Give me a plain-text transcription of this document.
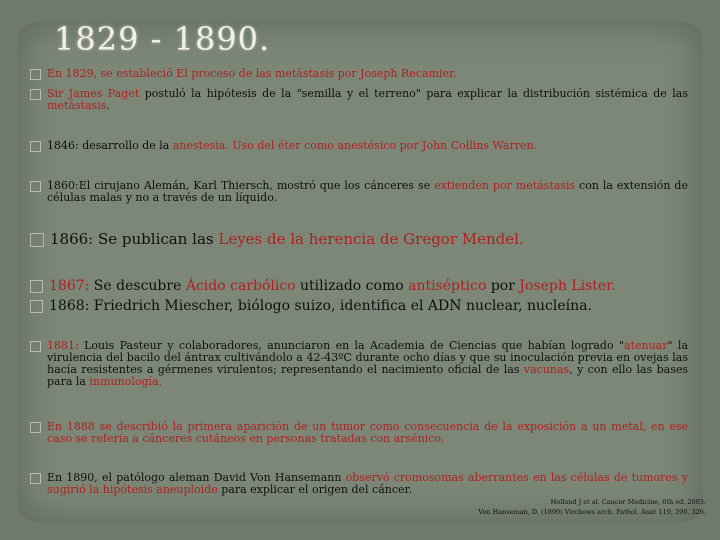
1829 - 1890.
En 1829, se estableció El proceso de las metástasis por Joseph Recamier.
Sir James Paget postuló la hipótesis de la "semilla y el terreno" para explicar la distribución sistémica de las metástasis.
1846: desarrollo de la anestesia. Uso del éter como anestésico por John Collins Warren.
1860:El cirujano Alemán, Karl Thiersch, mostró que los cánceres se extienden por metástasis con la extensión de células malas y no a través de un líquido.
1866: Se publican las Leyes de la herencia de Gregor Mendel.
1867: Se descubre Ácido carbólico utilizado como antiséptico por Joseph Lister.
1868: Friedrich Miescher, biólogo suizo, identifica el ADN nuclear, nucleína.
1881: Louis Pasteur y colaboradores, anunciaron en la Academia de Ciencias que habían logrado "atenuar" la virulencia del bacilo del ántrax cultivándolo a 42-43ºC durante ocho días y que su inoculación previa en ovejas las hacía resistentes a gérmenes virulentos; representando el nacimiento oficial de las vacunas, y con ello las bases para la inmunología.
En 1888 se describió la primera aparición de un tumor como consecuencia de la exposición a un metal, en ese caso se refería a cánceres cutáneos en personas tratadas con arsénico.
En 1890, el patólogo aleman David Von Hansemann observó cromosomas aberrantes en las células de tumores y sugirió la hipótesis aneuploide para explicar el origen del cáncer.
Holland J et al. Cancer Medicine, 6th ed. 2003.
Von Hanseman, D. (1890) Virchows arch. Pathol. Anat 119, 299, 326.
